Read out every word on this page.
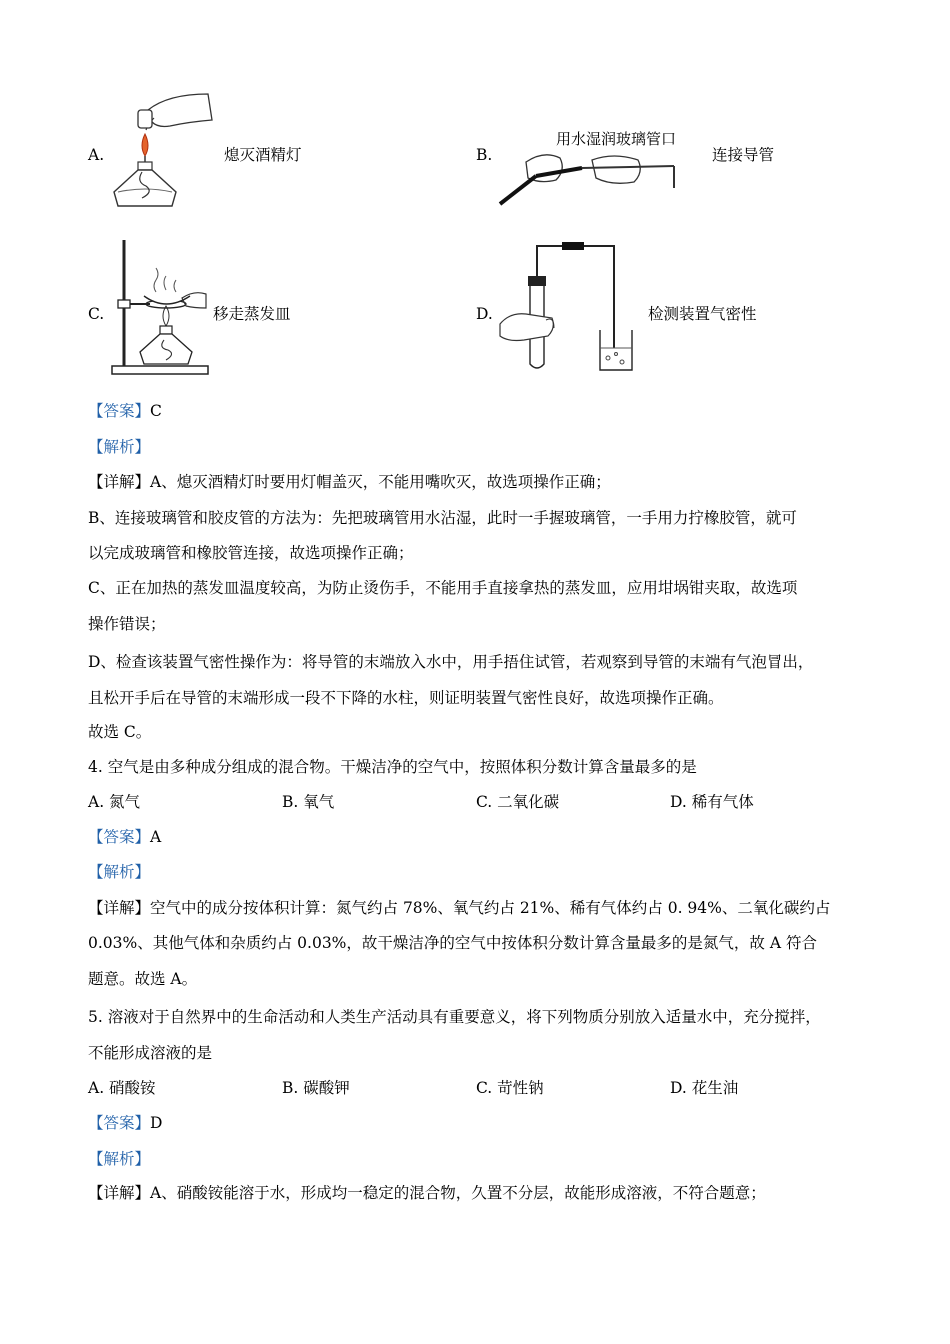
A.	熄灭酒精灯	B.
用水湿润玻璃管口
连接导管
C.	移走蒸发皿	D.	检测装置气密性
【答案】C
【解析】
【详解】A、熄灭酒精灯时要用灯帽盖灭，不能用嘴吹灭，故选项操作正确；
B、连接玻璃管和胶皮管的方法为：先把玻璃管用水沾湿，此时一手握玻璃管，一手用力拧橡胶管，就可
以完成玻璃管和橡胶管连接，故选项操作正确；
C、正在加热的蒸发皿温度较高，为防止烫伤手，不能用手直接拿热的蒸发皿，应用坩埚钳夹取，故选项
操作错误；
D、检查该装置气密性操作为：将导管的末端放入水中，用手捂住试管，若观察到导管的末端有气泡冒出，
且松开手后在导管的末端形成一段不下降的水柱，则证明装置气密性良好，故选项操作正确。
故选 C。
4. 空气是由多种成分组成的混合物。干燥洁净的空气中，按照体积分数计算含量最多的是
A. 氮气	B. 氧气	C. 二氧化碳	D. 稀有气体
【答案】A
【解析】
【详解】空气中的成分按体积计算：氮气约占 78%、氧气约占 21%、稀有气体约占 0. 94%、二氧化碳约占
0.03%、其他气体和杂质约占 0.03%，故干燥洁净的空气中按体积分数计算含量最多的是氮气，故 A 符合
题意。故选 A。
5. 溶液对于自然界中的生命活动和人类生产活动具有重要意义，将下列物质分别放入适量水中，充分搅拌，
不能形成溶液的是
A. 硝酸铵	B. 碳酸钾	C. 苛性钠	D. 花生油
【答案】D
【解析】
【详解】A、硝酸铵能溶于水，形成均一稳定的混合物，久置不分层，故能形成溶液，不符合题意；
